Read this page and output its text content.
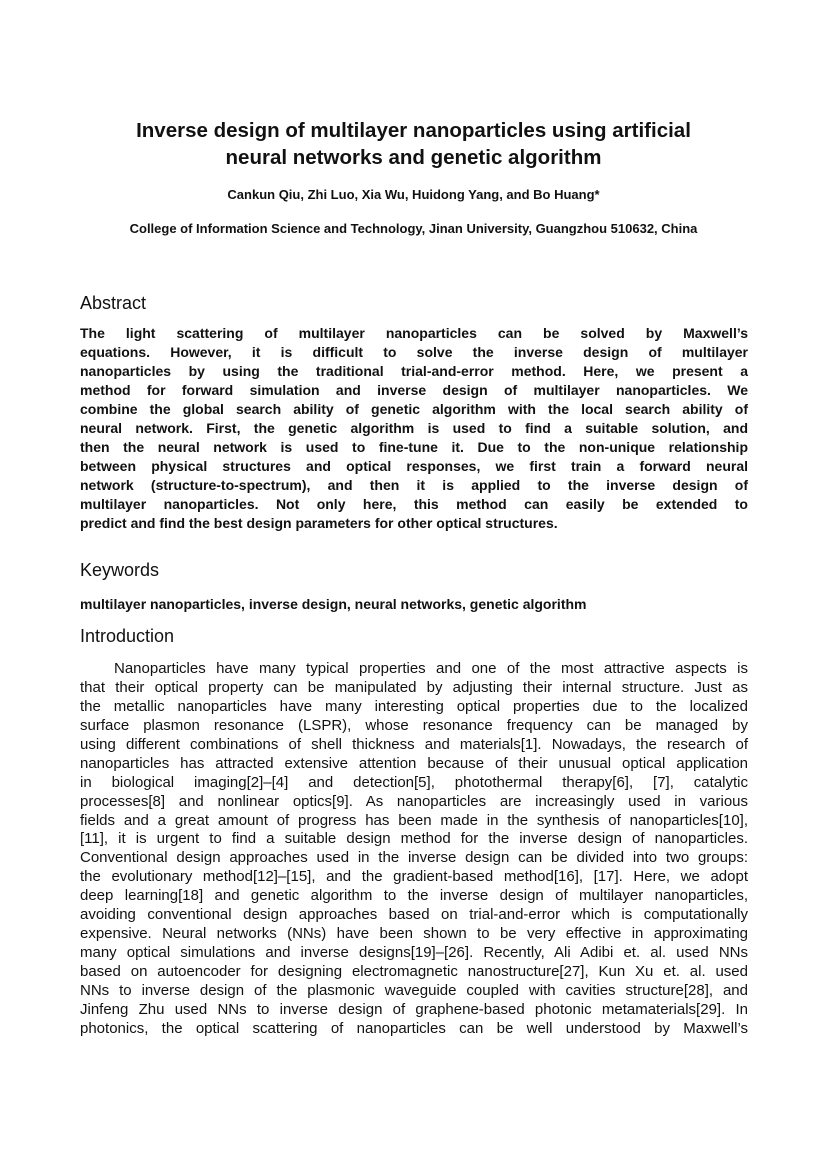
Inverse design of multilayer nanoparticles using artificial
neural networks and genetic algorithm
Cankun Qiu, Zhi Luo, Xia Wu, Huidong Yang, and Bo Huang*
College of Information Science and Technology, Jinan University, Guangzhou 510632, China
Abstract
The light scattering of multilayer nanoparticles can be solved by Maxwell’s
equations. However, it is difficult to solve the inverse design of multilayer
nanoparticles by using the traditional trial-and-error method. Here, we present a
method for forward simulation and inverse design of multilayer nanoparticles. We
combine the global search ability of genetic algorithm with the local search ability of
neural network. First, the genetic algorithm is used to find a suitable solution, and
then the neural network is used to fine-tune it. Due to the non-unique relationship
between physical structures and optical responses, we first train a forward neural
network (structure-to-spectrum), and then it is applied to the inverse design of
multilayer nanoparticles. Not only here, this method can easily be extended to
predict and find the best design parameters for other optical structures.
Keywords
multilayer nanoparticles, inverse design, neural networks, genetic algorithm
Introduction
Nanoparticles have many typical properties and one of the most attractive aspects is
that their optical property can be manipulated by adjusting their internal structure. Just as
the metallic nanoparticles have many interesting optical properties due to the localized
surface plasmon resonance (LSPR), whose resonance frequency can be managed by
using different combinations of shell thickness and materials[1]. Nowadays, the research of
nanoparticles has attracted extensive attention because of their unusual optical application
in biological imaging[2]–[4] and detection[5], photothermal therapy[6], [7], catalytic
processes[8] and nonlinear optics[9]. As nanoparticles are increasingly used in various
fields and a great amount of progress has been made in the synthesis of nanoparticles[10],
[11], it is urgent to find a suitable design method for the inverse design of nanoparticles.
Conventional design approaches used in the inverse design can be divided into two groups:
the evolutionary method[12]–[15], and the gradient-based method[16], [17]. Here, we adopt
deep learning[18] and genetic algorithm to the inverse design of multilayer nanoparticles,
avoiding conventional design approaches based on trial-and-error which is computationally
expensive. Neural networks (NNs) have been shown to be very effective in approximating
many optical simulations and inverse designs[19]–[26]. Recently, Ali Adibi et. al. used NNs
based on autoencoder for designing electromagnetic nanostructure[27], Kun Xu et. al. used
NNs to inverse design of the plasmonic waveguide coupled with cavities structure[28], and
Jinfeng Zhu used NNs to inverse design of graphene-based photonic metamaterials[29]. In
photonics, the optical scattering of nanoparticles can be well understood by Maxwell’s
